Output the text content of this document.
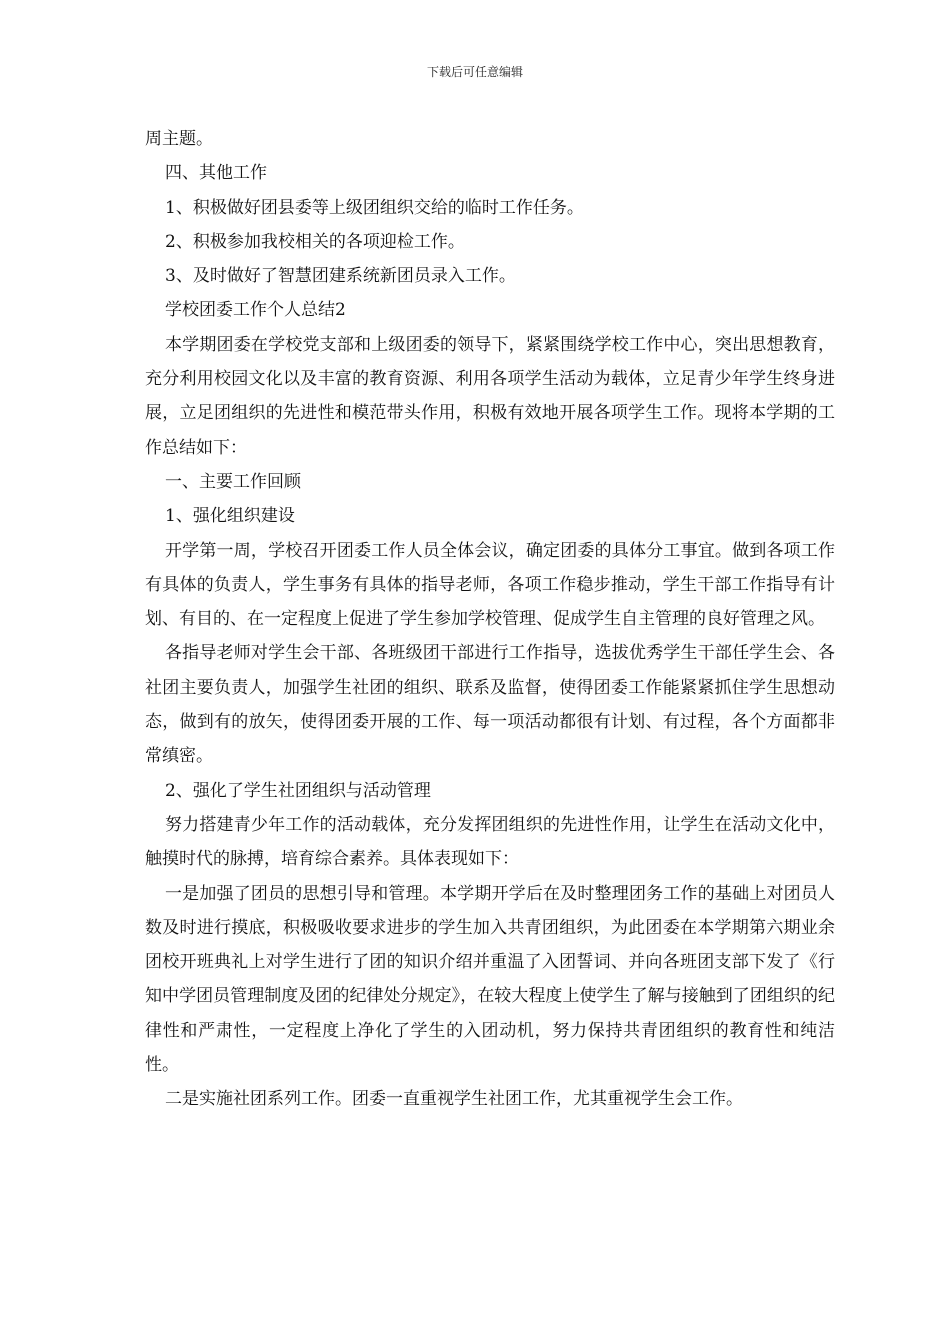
下载后可任意编辑

周主题。

四、其他工作

1、积极做好团县委等上级团组织交给的临时工作任务。

2、积极参加我校相关的各项迎检工作。

3、及时做好了智慧团建系统新团员录入工作。

学校团委工作个人总结2

本学期团委在学校党支部和上级团委的领导下，紧紧围绕学校工作中心，突出思想教育，充分利用校园文化以及丰富的教育资源、利用各项学生活动为载体，立足青少年学生终身进展，立足团组织的先进性和模范带头作用，积极有效地开展各项学生工作。现将本学期的工作总结如下：

一、主要工作回顾

1、强化组织建设

开学第一周，学校召开团委工作人员全体会议，确定团委的具体分工事宜。做到各项工作有具体的负责人，学生事务有具体的指导老师，各项工作稳步推动，学生干部工作指导有计划、有目的、在一定程度上促进了学生参加学校管理、促成学生自主管理的良好管理之风。

各指导老师对学生会干部、各班级团干部进行工作指导，选拔优秀学生干部任学生会、各社团主要负责人，加强学生社团的组织、联系及监督，使得团委工作能紧紧抓住学生思想动态，做到有的放矢，使得团委开展的工作、每一项活动都很有计划、有过程，各个方面都非常缜密。

2、强化了学生社团组织与活动管理

努力搭建青少年工作的活动载体，充分发挥团组织的先进性作用，让学生在活动文化中，触摸时代的脉搏，培育综合素养。具体表现如下：

一是加强了团员的思想引导和管理。本学期开学后在及时整理团务工作的基础上对团员人数及时进行摸底，积极吸收要求进步的学生加入共青团组织，为此团委在本学期第六期业余团校开班典礼上对学生进行了团的知识介绍并重温了入团誓词、并向各班团支部下发了《行知中学团员管理制度及团的纪律处分规定》，在较大程度上使学生了解与接触到了团组织的纪律性和严肃性，一定程度上净化了学生的入团动机，努力保持共青团组织的教育性和纯洁性。

二是实施社团系列工作。团委一直重视学生社团工作，尤其重视学生会工作。
